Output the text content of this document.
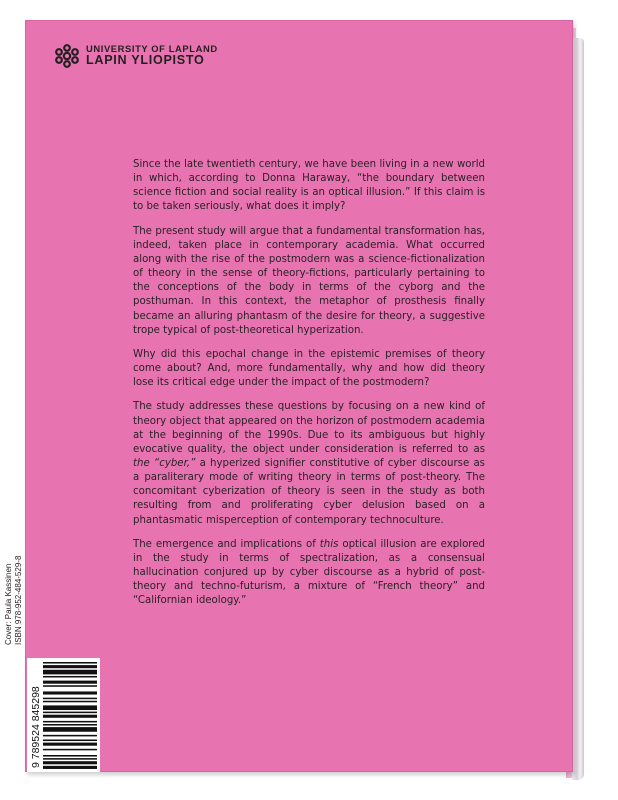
UNIVERSITY OF LAPLAND
LAPIN YLIOPISTO

Since the late twentieth century, we have been living in a new world in which, according to Donna Haraway, “the boundary between science fiction and social reality is an optical illusion.” If this claim is to be taken seriously, what does it imply?

The present study will argue that a fundamental transformation has, indeed, taken place in contemporary academia. What occurred along with the rise of the postmodern was a science-fictionalization of theory in the sense of theory-fictions, particularly pertaining to the conceptions of the body in terms of the cyborg and the posthuman. In this context, the metaphor of prosthesis finally became an alluring phantasm of the desire for theory, a suggestive trope typical of post-theoretical hyperization.

Why did this epochal change in the epistemic premises of theory come about? And, more fundamentally, why and how did theory lose its critical edge under the impact of the postmodern?

The study addresses these questions by focusing on a new kind of theory object that appeared on the horizon of postmodern academia at the beginning of the 1990s. Due to its ambiguous but highly evocative quality, the object under consideration is referred to as the “cyber,” a hyperized signifier constitutive of cyber discourse as a paraliterary mode of writing theory in terms of post-theory. The concomitant cyberization of theory is seen in the study as both resulting from and proliferating cyber delusion based on a phantasmatic misperception of contemporary technoculture.

The emergence and implications of this optical illusion are explored in the study in terms of spectralization, as a consensual hallucination conjured up by cyber discourse as a hybrid of post-theory and techno-futurism, a mixture of “French theory” and “Californian ideology.”

Cover: Paula Kassinen ISBN 978-952-484-529-8
9 789524 845298
